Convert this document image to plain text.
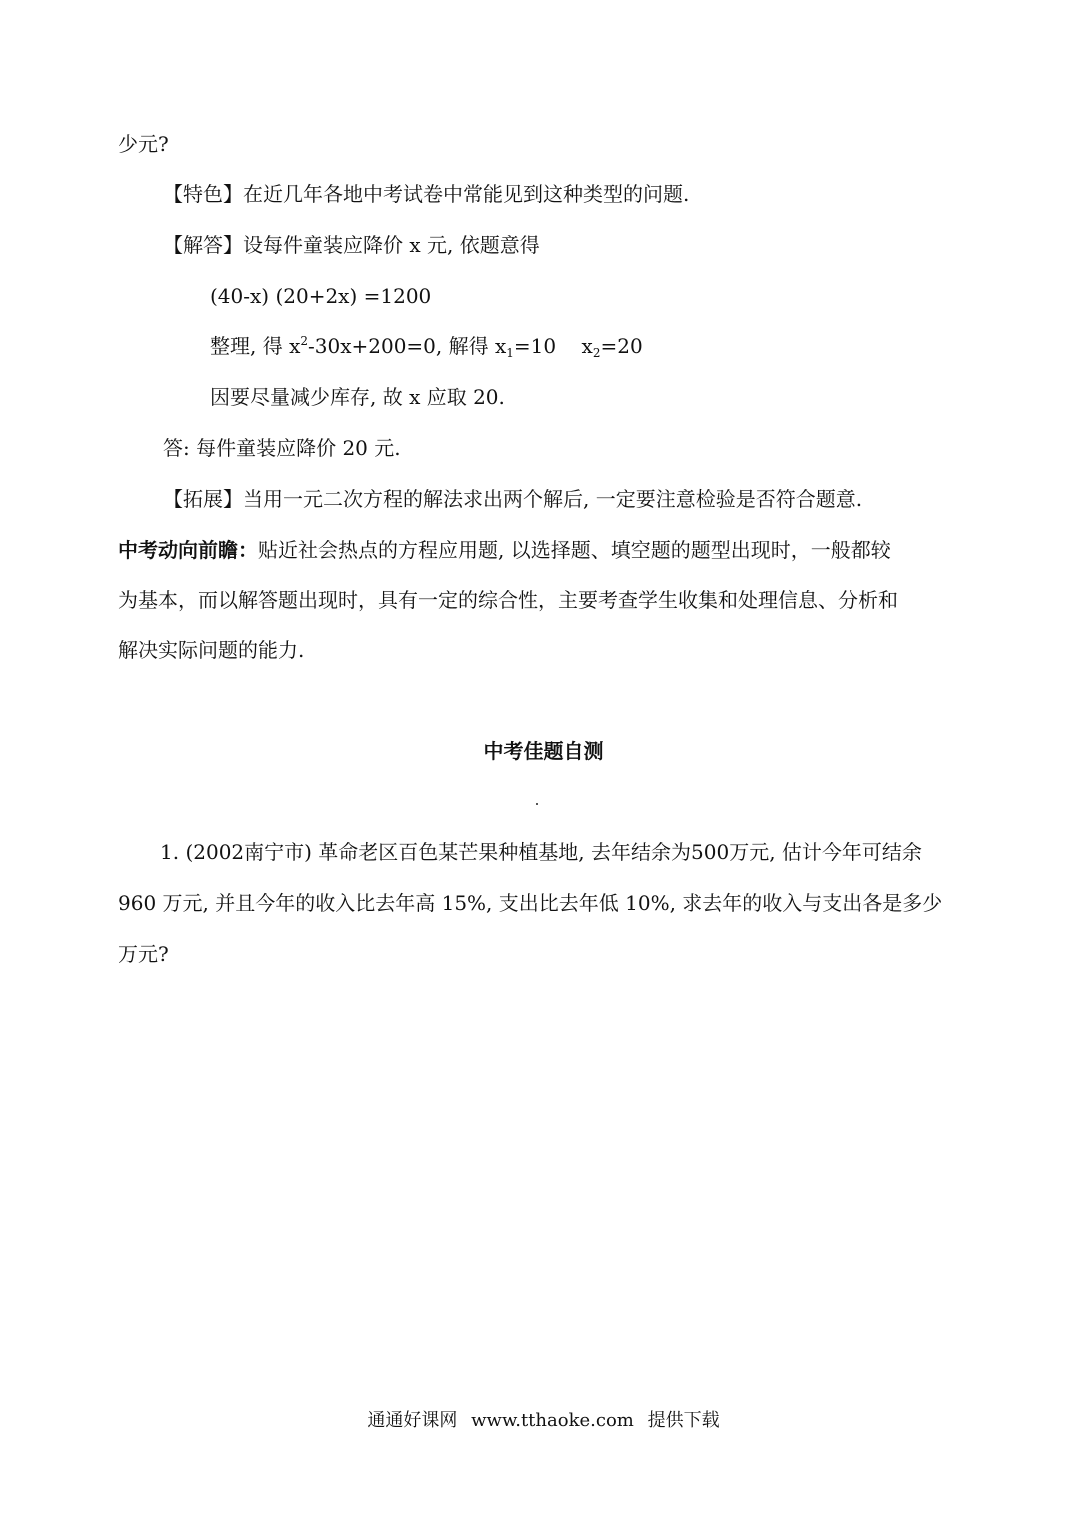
少元?
【特色】在近几年各地中考试卷中常能见到这种类型的问题.
【解答】设每件童装应降价 x 元, 依题意得
(40-x) (20+2x) =1200
整理, 得 $x^2-30x+200=0$, 解得 $x_1=10$    $x_2=20$
因要尽量减少库存, 故 x 应取 20.
答: 每件童装应降价 20 元.
【拓展】当用一元二次方程的解法求出两个解后, 一定要注意检验是否符合题意.
中考动向前瞻：贴近社会热点的方程应用题, 以选择题、填空题的题型出现时，一般都较
为基本，而以解答题出现时，具有一定的综合性，主要考查学生收集和处理信息、分析和
解决实际问题的能力.
中考佳题自测
1. (2002南宁市) 革命老区百色某芒果种植基地, 去年结余为500万元, 估计今年可结余
960 万元, 并且今年的收入比去年高 15%, 支出比去年低 10%, 求去年的收入与支出各是多少
万元?
通通好课网 www.tthaoke.com 提供下载
